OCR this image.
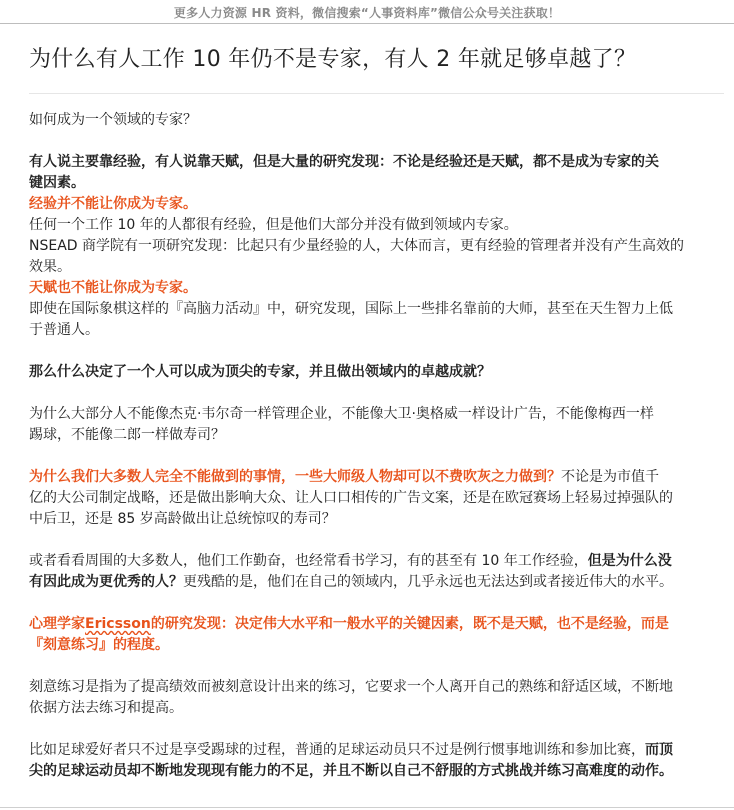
更多人力资源 HR 资料，微信搜索“人事资料库”微信公众号关注获取！
为什么有人工作 10 年仍不是专家，有人 2 年就足够卓越了？
如何成为一个领域的专家？
有人说主要靠经验，有人说靠天赋，但是大量的研究发现：不论是经验还是天赋，都不是成为专家的关
键因素。
经验并不能让你成为专家。
任何一个工作 10 年的人都很有经验，但是他们大部分并没有做到领域内专家。
NSEAD 商学院有一项研究发现：比起只有少量经验的人，大体而言，更有经验的管理者并没有产生高效的
效果。
天赋也不能让你成为专家。
即使在国际象棋这样的『高脑力活动』中，研究发现，国际上一些排名靠前的大师，甚至在天生智力上低
于普通人。
那么什么决定了一个人可以成为顶尖的专家，并且做出领域内的卓越成就？
为什么大部分人不能像杰克·韦尔奇一样管理企业，不能像大卫·奥格威一样设计广告，不能像梅西一样
踢球，不能像二郎一样做寿司？
为什么我们大多数人完全不能做到的事情，一些大师级人物却可以不费吹灰之力做到？不论是为市值千
亿的大公司制定战略，还是做出影响大众、让人口口相传的广告文案，还是在欧冠赛场上轻易过掉强队的
中后卫，还是 85 岁高龄做出让总统惊叹的寿司？
或者看看周围的大多数人，他们工作勤奋，也经常看书学习，有的甚至有 10 年工作经验，但是为什么没
有因此成为更优秀的人？更残酷的是，他们在自己的领域内，几乎永远也无法达到或者接近伟大的水平。
心理学家Ericsson的研究发现：决定伟大水平和一般水平的关键因素，既不是天赋，也不是经验，而是
『刻意练习』的程度。
刻意练习是指为了提高绩效而被刻意设计出来的练习，它要求一个人离开自己的熟练和舒适区域，不断地
依据方法去练习和提高。
比如足球爱好者只不过是享受踢球的过程，普通的足球运动员只不过是例行惯事地训练和参加比赛，而顶
尖的足球运动员却不断地发现现有能力的不足，并且不断以自己不舒服的方式挑战并练习高难度的动作。
